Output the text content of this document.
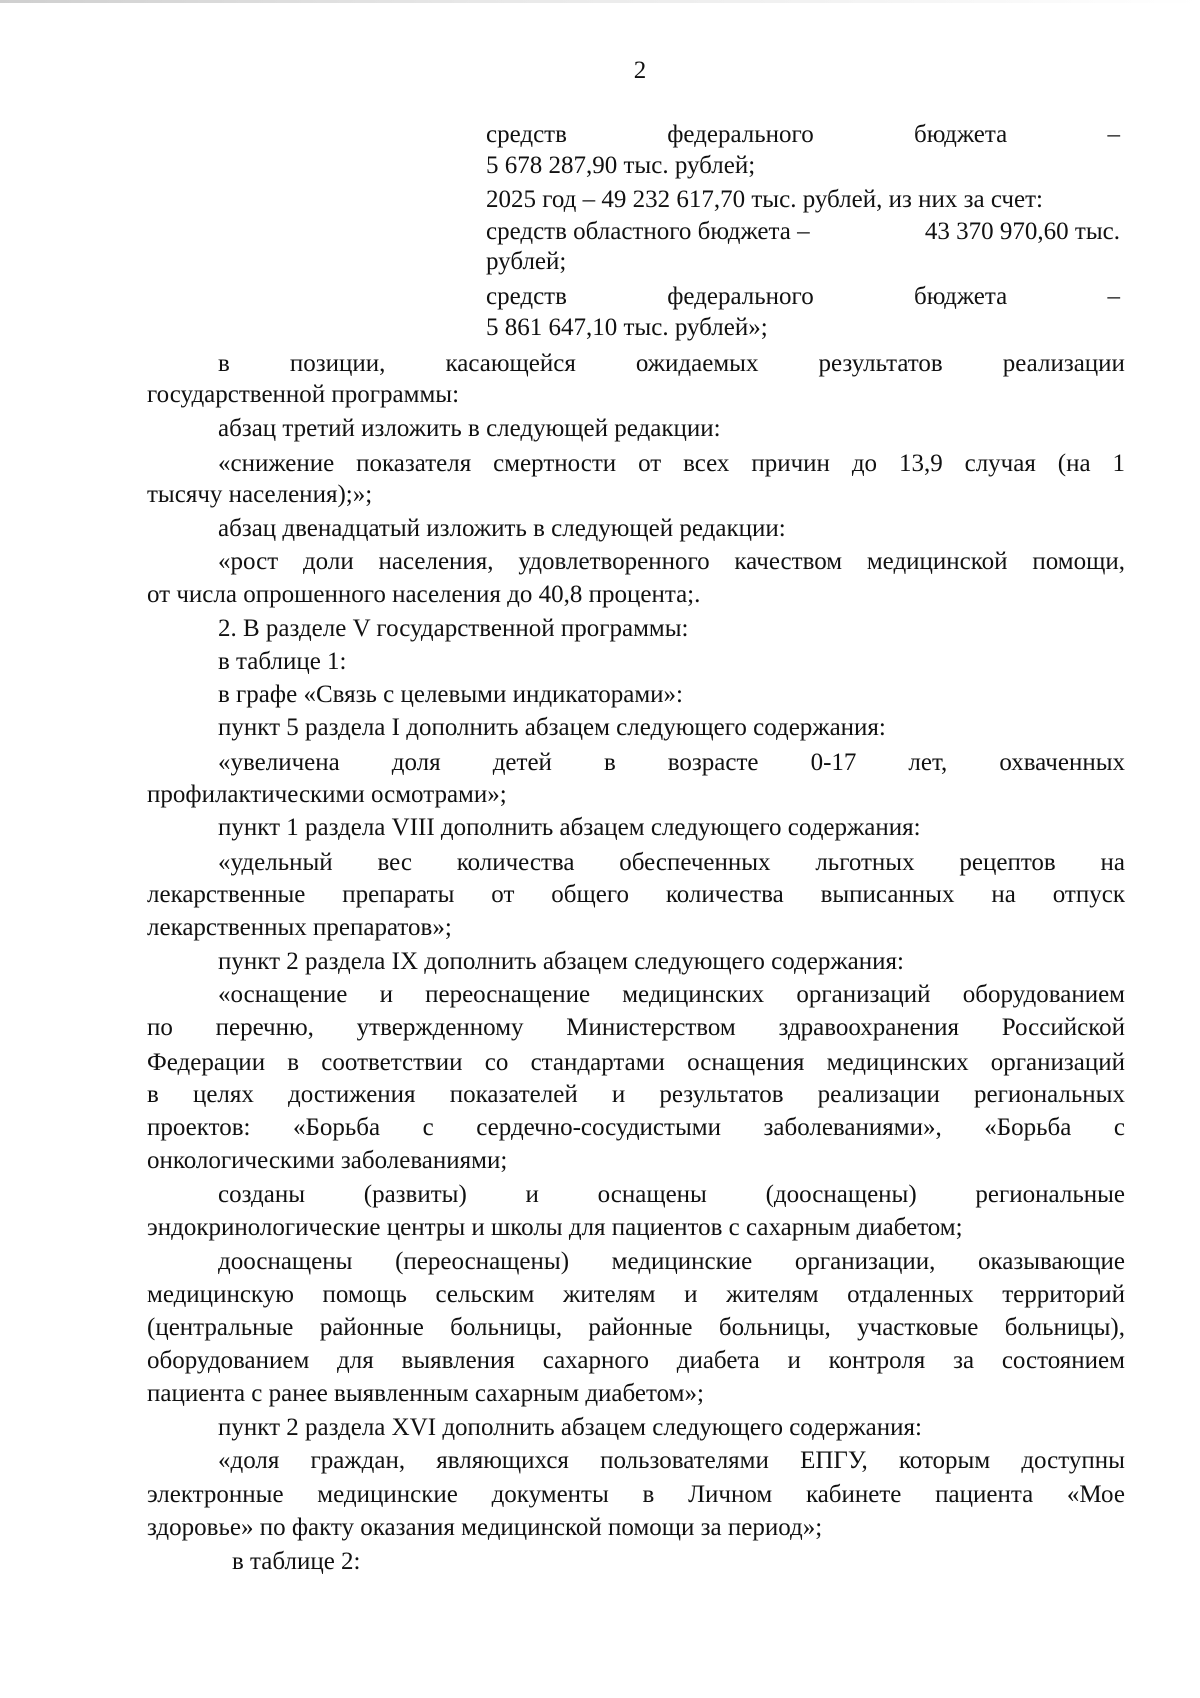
2
средств	федерального	бюджета	–
5 678 287,90 тыс. рублей;
2025 год – 49 232 617,70 тыс. рублей, из них за счет:
средств областного бюджета –	43 370 970,60 тыс.
рублей;
средств	федерального	бюджета	–
5 861 647,10 тыс. рублей»;
в позиции, касающейся ожидаемых результатов реализации
государственной программы:
абзац третий изложить в следующей редакции:
«снижение показателя смертности от всех причин до 13,9 случая (на 1
тысячу населения);»;
абзац двенадцатый изложить в следующей редакции:
«рост доли населения, удовлетворенного качеством медицинской помощи,
от числа опрошенного населения до 40,8 процента;.
2. В разделе V государственной программы:
в таблице 1:
в графе «Связь с целевыми индикаторами»:
пункт 5 раздела I дополнить абзацем следующего содержания:
«увеличена доля детей в возрасте 0-17 лет, охваченных
профилактическими осмотрами»;
пункт 1 раздела VIII дополнить абзацем следующего содержания:
«удельный вес количества обеспеченных льготных рецептов на
лекарственные препараты от общего количества выписанных на отпуск
лекарственных препаратов»;
пункт 2 раздела IX дополнить абзацем следующего содержания:
«оснащение и переоснащение медицинских организаций оборудованием
по перечню, утвержденному Министерством здравоохранения Российской
Федерации в соответствии со стандартами оснащения медицинских организаций
в целях достижения показателей и результатов реализации региональных
проектов: «Борьба с сердечно-сосудистыми заболеваниями», «Борьба с
онкологическими заболеваниями;
созданы (развиты) и оснащены (дооснащены) региональные
эндокринологические центры и школы для пациентов с сахарным диабетом;
дооснащены (переоснащены) медицинские организации, оказывающие
медицинскую помощь сельским жителям и жителям отдаленных территорий
(центральные районные больницы, районные больницы, участковые больницы),
оборудованием для выявления сахарного диабета и контроля за состоянием
пациента с ранее выявленным сахарным диабетом»;
пункт 2 раздела XVI дополнить абзацем следующего содержания:
«доля граждан, являющихся пользователями ЕПГУ, которым доступны
электронные медицинские документы в Личном кабинете пациента «Мое
здоровье» по факту оказания медицинской помощи за период»;
в таблице 2:
